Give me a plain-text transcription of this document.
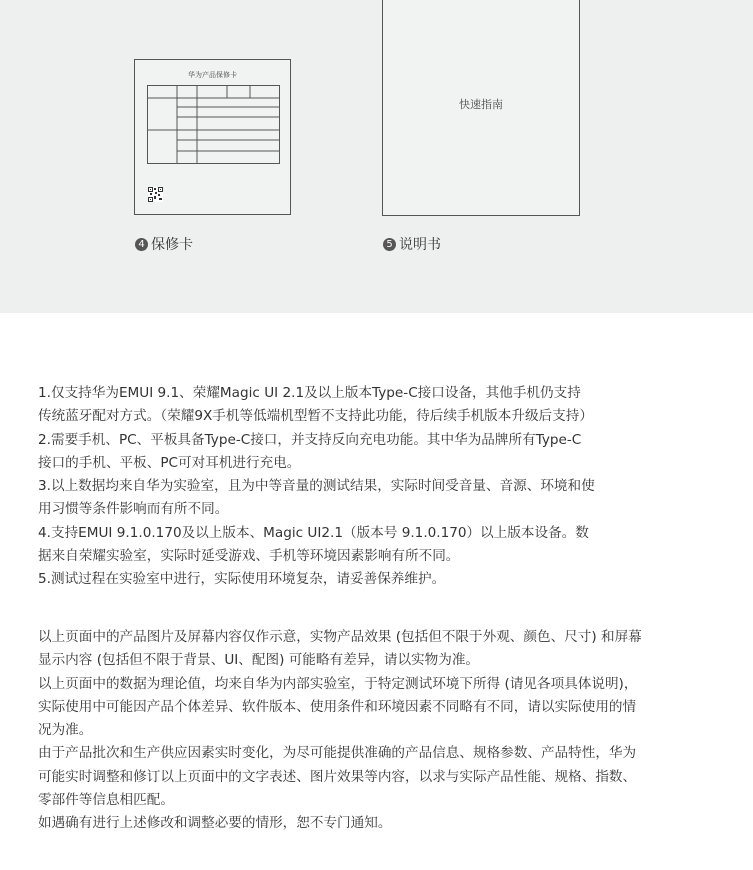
华为产品保修卡
快速指南
4 保修卡	5 说明书

1.仅支持华为EMUI 9.1、荣耀Magic UI 2.1及以上版本Type-C接口设备，其他手机仍支持

传统蓝牙配对方式。（荣耀9X手机等低端机型暂不支持此功能，待后续手机版本升级后支持）

2.需要手机、PC、平板具备Type-C接口，并支持反向充电功能。其中华为品牌所有Type-C

接口的手机、平板、PC可对耳机进行充电。

3.以上数据均来自华为实验室，且为中等音量的测试结果，实际时间受音量、音源、环境和使

用习惯等条件影响而有所不同。

4.支持EMUI 9.1.0.170及以上版本、Magic UI2.1（版本号 9.1.0.170）以上版本设备。数

据来自荣耀实验室，实际时延受游戏、手机等环境因素影响有所不同。

5.测试过程在实验室中进行，实际使用环境复杂，请妥善保养维护。

以上页面中的产品图片及屏幕内容仅作示意，实物产品效果 (包括但不限于外观、颜色、尺寸) 和屏幕

显示内容 (包括但不限于背景、UI、配图) 可能略有差异，请以实物为准。

以上页面中的数据为理论值，均来自华为内部实验室，于特定测试环境下所得 (请见各项具体说明)，

实际使用中可能因产品个体差异、软件版本、使用条件和环境因素不同略有不同，请以实际使用的情

况为准。

由于产品批次和生产供应因素实时变化，为尽可能提供准确的产品信息、规格参数、产品特性，华为

可能实时调整和修订以上页面中的文字表述、图片效果等内容，以求与实际产品性能、规格、指数、

零部件等信息相匹配。

如遇确有进行上述修改和调整必要的情形，恕不专门通知。
